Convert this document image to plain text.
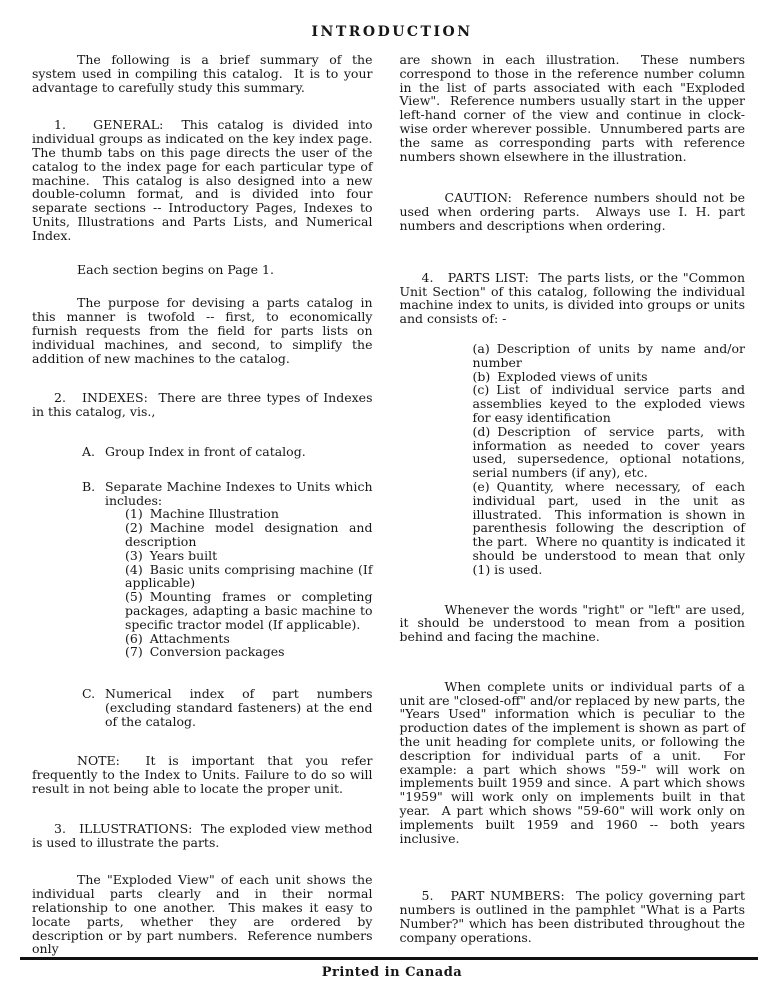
INTRODUCTION
The following is a brief summary of the system used in compiling this catalog.  It is to your advantage to carefully study this summary.
1.   GENERAL:  This catalog is divided into individual groups as indicated on the key index page. The thumb tabs on this page directs the user of the catalog to the index page for each particular type of machine.  This catalog is also designed into a new double-column format, and is divided into four separate sections -- Introductory Pages, Indexes to Units, Illustrations and Parts Lists, and Numerical Index.
Each section begins on Page 1.
The purpose for devising a parts catalog in this manner is twofold -- first, to economically furnish requests from the field for parts lists on individual machines, and second, to simplify the addition of new machines to the catalog.
2.   INDEXES:  There are three types of Indexes in this catalog, vis.,
A. Group Index in front of catalog.
B. Separate Machine Indexes to Units which includes:
(1) Machine Illustration
(2) Machine model designation and description
(3) Years built
(4) Basic units comprising machine (If applicable)
(5) Mounting frames or completing packages, adapting a basic machine to specific tractor model (If applicable).
(6) Attachments
(7) Conversion packages
C. Numerical index of part numbers (excluding standard fasteners) at the end of the catalog.
NOTE:  It is important that you refer frequently to the Index to Units. Failure to do so will result in not being able to locate the proper unit.
3.   ILLUSTRATIONS:  The exploded view method is used to illustrate the parts.
The "Exploded View" of each unit shows the individual parts clearly and in their normal relationship to one another.  This makes it easy to locate parts, whether they are ordered by description or by part numbers.  Reference numbers only
are shown in each illustration.  These numbers correspond to those in the reference number column in the list of parts associated with each "Exploded View".  Reference numbers usually start in the upper left-hand corner of the view and continue in clock-wise order wherever possible.  Unnumbered parts are the same as corresponding parts with reference numbers shown elsewhere in the illustration.
CAUTION:  Reference numbers should not be used when ordering parts.  Always use I. H. part numbers and descriptions when ordering.
4.   PARTS LIST:  The parts lists, or the "Common Unit Section" of this catalog, following the individual machine index to units, is divided into groups or units and consists of: -
(a) Description of units by name and/or number
(b) Exploded views of units
(c) List of individual service parts and assemblies keyed to the exploded views for easy identification
(d) Description of service parts, with information as needed to cover years used, supersedence, optional notations, serial numbers (if any), etc.
(e) Quantity, where necessary, of each individual part, used in the unit as illustrated.  This information is shown in parenthesis following the description of the part.  Where no quantity is indicated it should be understood to mean that only (1) is used.
Whenever the words "right" or "left" are used, it should be understood to mean from a position behind and facing the machine.
When complete units or individual parts of a unit are "closed-off" and/or replaced by new parts, the "Years Used" information which is peculiar to the production dates of the implement is shown as part of the unit heading for complete units, or following the description for individual parts of a unit.  For example: a part which shows "59-" will work on implements built 1959 and since.  A part which shows "1959" will work only on implements built in that year.  A part which shows "59-60" will work only on implements built 1959 and 1960 -- both years inclusive.
5.   PART NUMBERS:  The policy governing part numbers is outlined in the pamphlet "What is a Parts Number?" which has been distributed throughout the company operations.
Printed in Canada
